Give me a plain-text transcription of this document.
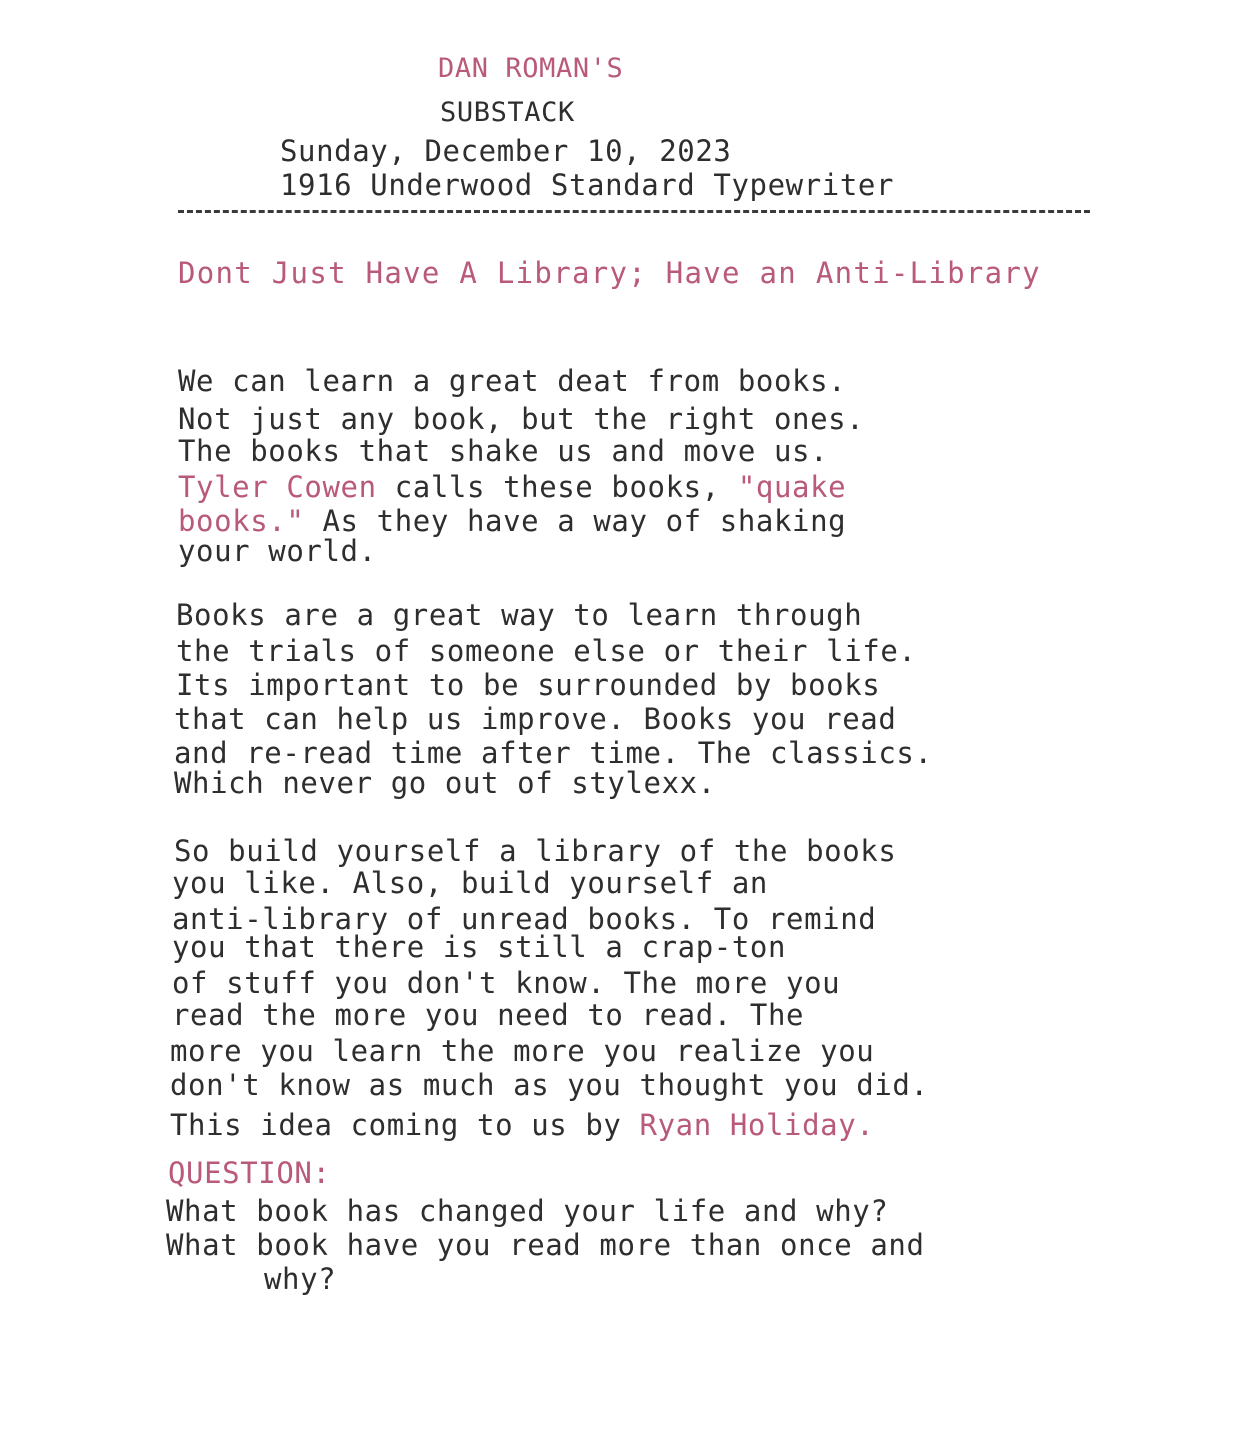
DAN ROMAN'S
SUBSTACK
Sunday, December 10, 2023
1916 Underwood Standard Typewriter
Dont Just Have A Library; Have an Anti-Library
We can learn a great deat from books.
Not just any book, but the right ones.
The books that shake us and move us.
Tyler Cowen calls these books, "quake
books." As they have a way of shaking
your world.
Books are a great way to learn through
the trials of someone else or their life.
Its important to be surrounded by books
that can help us improve. Books you read
and re-read time after time. The classics.
Which never go out of stylexx.
So build yourself a library of the books
you like. Also, build yourself an
anti-library of unread books. To remind
you that there is still a crap-ton
of stuff you don't know. The more you
read the more you need to read. The
more you learn the more you realize you
don't know as much as you thought you did.
This idea coming to us by Ryan Holiday.
QUESTION:
What book has changed your life and why?
What book have you read more than once and
why?
